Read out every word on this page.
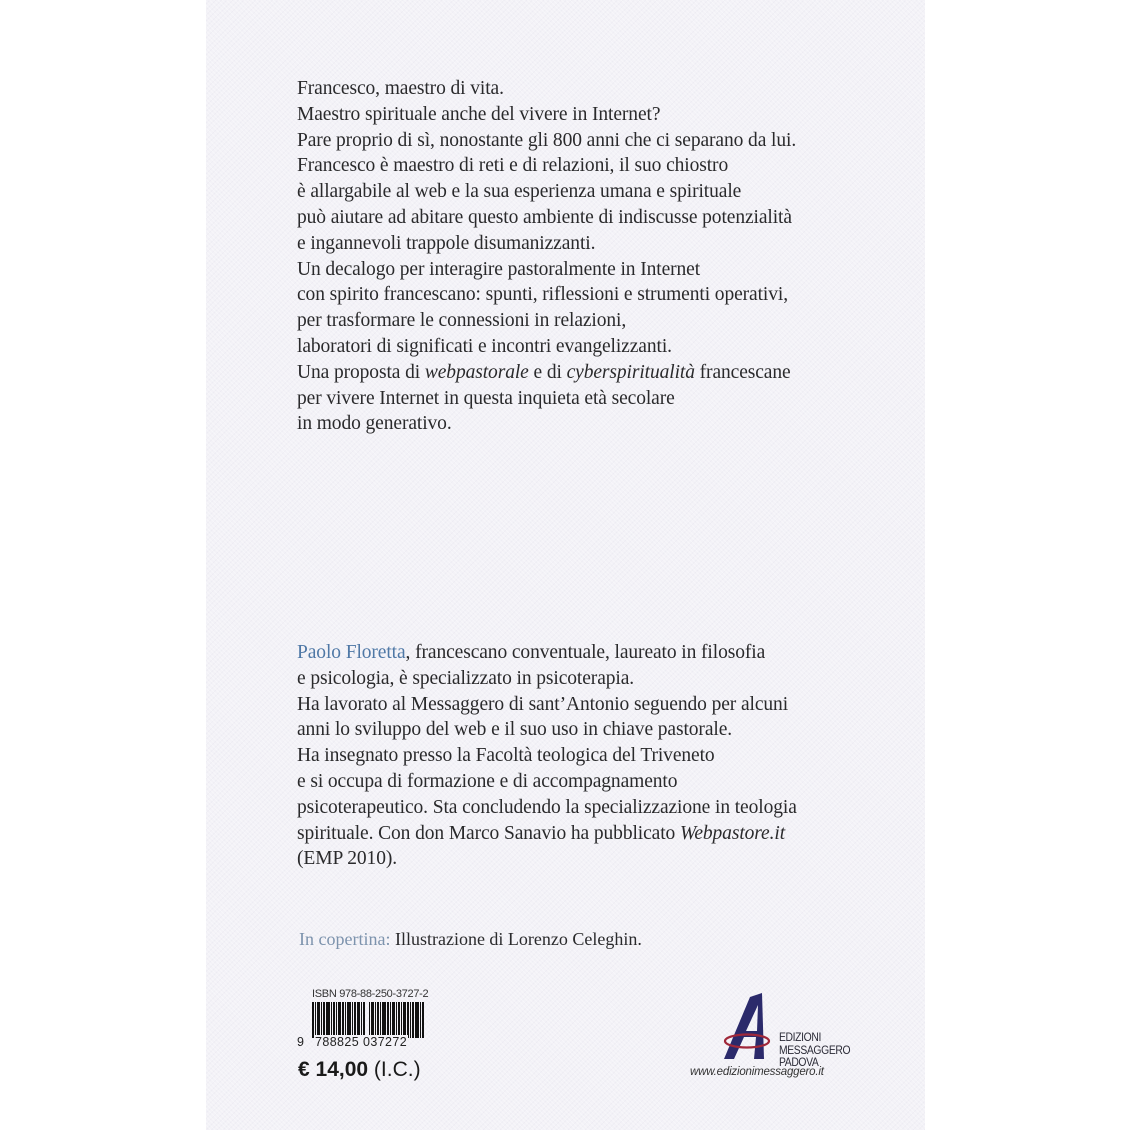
Francesco, maestro di vita.
Maestro spirituale anche del vivere in Internet?
Pare proprio di sì, nonostante gli 800 anni che ci separano da lui.
Francesco è maestro di reti e di relazioni, il suo chiostro
è allargabile al web e la sua esperienza umana e spirituale
può aiutare ad abitare questo ambiente di indiscusse potenzialità
e ingannevoli trappole disumanizzanti.
Un decalogo per interagire pastoralmente in Internet
con spirito francescano: spunti, riflessioni e strumenti operativi,
per trasformare le connessioni in relazioni,
laboratori di significati e incontri evangelizzanti.
Una proposta di webpastorale e di cyberspiritualità francescane
per vivere Internet in questa inquieta età secolare
in modo generativo.
Paolo Floretta, francescano conventuale, laureato in filosofia
e psicologia, è specializzato in psicoterapia.
Ha lavorato al Messaggero di sant’Antonio seguendo per alcuni
anni lo sviluppo del web e il suo uso in chiave pastorale.
Ha insegnato presso la Facoltà teologica del Triveneto
e si occupa di formazione e di accompagnamento
psicoterapeutico. Sta concludendo la specializzazione in teologia
spirituale. Con don Marco Sanavio ha pubblicato Webpastore.it
(EMP 2010).
In copertina: Illustrazione di Lorenzo Celeghin.
ISBN 978-88-250-3727-2
9 788825 037272
€ 14,00 (I.C.)
EDIZIONI
MESSAGGERO
PADOVA
www.edizionimessaggero.it
